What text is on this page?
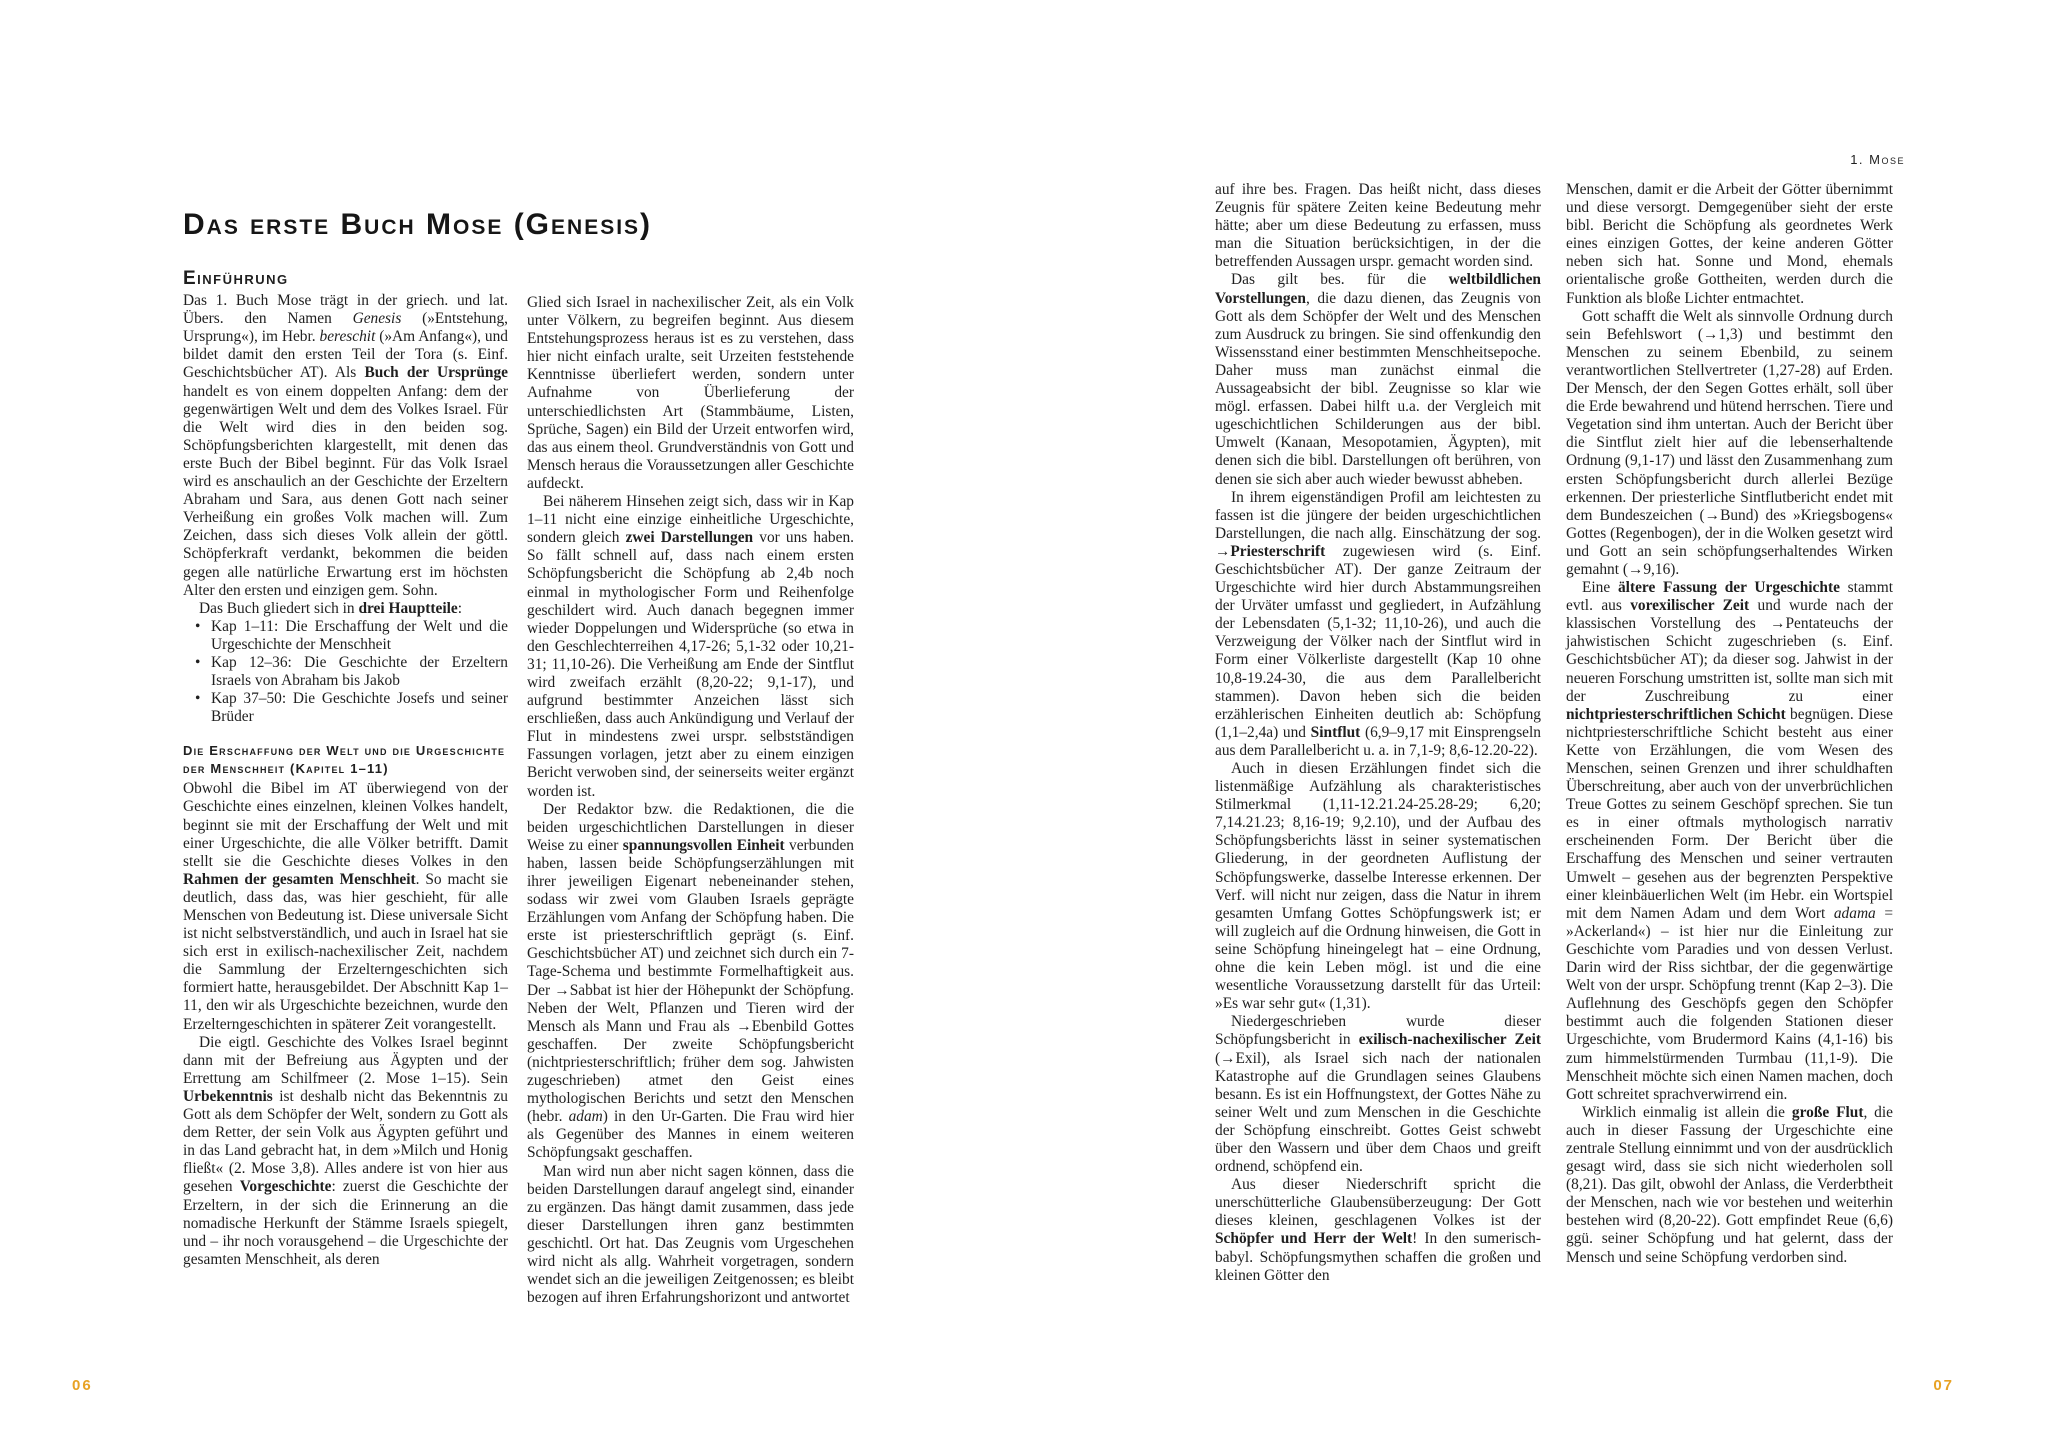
Das erste Buch Mose (Genesis)
Einführung

Das 1. Buch Mose trägt in der griech. und lat. Übers. den Namen Genesis (»Entstehung, Ursprung«), im Hebr. bereschit (»Am Anfang«), und bildet damit den ersten Teil der Tora (s. Einf. Geschichtsbücher AT). Als Buch der Ursprünge handelt es von einem doppelten Anfang: dem der gegenwärtigen Welt und dem des Volkes Israel. Für die Welt wird dies in den beiden sog. Schöpfungsberichten klargestellt, mit denen das erste Buch der Bibel beginnt. Für das Volk Israel wird es anschaulich an der Geschichte der Erzeltern Abraham und Sara, aus denen Gott nach seiner Verheißung ein großes Volk machen will. Zum Zeichen, dass sich dieses Volk allein der göttl. Schöpferkraft verdankt, bekommen die beiden gegen alle natürliche Erwartung erst im höchsten Alter den ersten und einzigen gem. Sohn.

Das Buch gliedert sich in drei Hauptteile:

• Kap 1–11: Die Erschaffung der Welt und die Urgeschichte der Menschheit
• Kap 12–36: Die Geschichte der Erzeltern Israels von Abraham bis Jakob
• Kap 37–50: Die Geschichte Josefs und seiner Brüder
Die Erschaffung der Welt und die Urgeschichte der Menschheit (Kapitel 1–11)

Obwohl die Bibel im AT überwiegend von der Geschichte eines einzelnen, kleinen Volkes handelt, beginnt sie mit der Erschaffung der Welt und mit einer Urgeschichte, die alle Völker betrifft. Damit stellt sie die Geschichte dieses Volkes in den Rahmen der gesamten Menschheit. So macht sie deutlich, dass das, was hier geschieht, für alle Menschen von Bedeutung ist. Diese universale Sicht ist nicht selbstverständlich, und auch in Israel hat sie sich erst in exilisch-nachexilischer Zeit, nachdem die Sammlung der Erzelterngeschichten sich formiert hatte, herausgebildet. Der Abschnitt Kap 1–11, den wir als Urgeschichte bezeichnen, wurde den Erzelterngeschichten in späterer Zeit vorangestellt.

Die eigtl. Geschichte des Volkes Israel beginnt dann mit der Befreiung aus Ägypten und der Errettung am Schilfmeer (2. Mose 1–15). Sein Urbekenntnis ist deshalb nicht das Bekenntnis zu Gott als dem Schöpfer der Welt, sondern zu Gott als dem Retter, der sein Volk aus Ägypten geführt und in das Land gebracht hat, in dem »Milch und Honig fließt« (2. Mose 3,8). Alles andere ist von hier aus gesehen Vorgeschichte: zuerst die Geschichte der Erzeltern, in der sich die Erinnerung an die nomadische Herkunft der Stämme Israels spiegelt, und – ihr noch vorausgehend – die Urgeschichte der gesamten Menschheit, als deren

Glied sich Israel in nachexilischer Zeit, als ein Volk unter Völkern, zu begreifen beginnt. Aus diesem Entstehungsprozess heraus ist es zu verstehen, dass hier nicht einfach uralte, seit Urzeiten feststehende Kenntnisse überliefert werden, sondern unter Aufnahme von Überlieferung der unterschiedlichsten Art (Stammbäume, Listen, Sprüche, Sagen) ein Bild der Urzeit entworfen wird, das aus einem theol. Grundverständnis von Gott und Mensch heraus die Voraussetzungen aller Geschichte aufdeckt.

Bei näherem Hinsehen zeigt sich, dass wir in Kap 1–11 nicht eine einzige einheitliche Urgeschichte, sondern gleich zwei Darstellungen vor uns haben. So fällt schnell auf, dass nach einem ersten Schöpfungsbericht die Schöpfung ab 2,4b noch einmal in mythologischer Form und Reihenfolge geschildert wird. Auch danach begegnen immer wieder Doppelungen und Widersprüche (so etwa in den Geschlechterreihen 4,17-26; 5,1-32 oder 10,21-31; 11,10-26). Die Verheißung am Ende der Sintflut wird zweifach erzählt (8,20-22; 9,1-17), und aufgrund bestimmter Anzeichen lässt sich erschließen, dass auch Ankündigung und Verlauf der Flut in mindestens zwei urspr. selbstständigen Fassungen vorlagen, jetzt aber zu einem einzigen Bericht verwoben sind, der seinerseits weiter ergänzt worden ist.

Der Redaktor bzw. die Redaktionen, die die beiden urgeschichtlichen Darstellungen in dieser Weise zu einer spannungsvollen Einheit verbunden haben, lassen beide Schöpfungserzählungen mit ihrer jeweiligen Eigenart nebeneinander stehen, sodass wir zwei vom Glauben Israels geprägte Erzählungen vom Anfang der Schöpfung haben. Die erste ist priesterschriftlich geprägt (s. Einf. Geschichtsbücher AT) und zeichnet sich durch ein 7-Tage-Schema und bestimmte Formelhaftigkeit aus. Der →Sabbat ist hier der Höhepunkt der Schöpfung. Neben der Welt, Pflanzen und Tieren wird der Mensch als Mann und Frau als →Ebenbild Gottes geschaffen. Der zweite Schöpfungsbericht (nichtpriesterschriftlich; früher dem sog. Jahwisten zugeschrieben) atmet den Geist eines mythologischen Berichts und setzt den Menschen (hebr. adam) in den Ur-Garten. Die Frau wird hier als Gegenüber des Mannes in einem weiteren Schöpfungsakt geschaffen.

Man wird nun aber nicht sagen können, dass die beiden Darstellungen darauf angelegt sind, einander zu ergänzen. Das hängt damit zusammen, dass jede dieser Darstellungen ihren ganz bestimmten geschichtl. Ort hat. Das Zeugnis vom Urgeschehen wird nicht als allg. Wahrheit vorgetragen, sondern wendet sich an die jeweiligen Zeitgenossen; es bleibt bezogen auf ihren Erfahrungshorizont und antwortet

06
1. Mose

auf ihre bes. Fragen. Das heißt nicht, dass dieses Zeugnis für spätere Zeiten keine Bedeutung mehr hätte; aber um diese Bedeutung zu erfassen, muss man die Situation berücksichtigen, in der die betreffenden Aussagen urspr. gemacht worden sind.

Das gilt bes. für die weltbildlichen Vorstellungen, die dazu dienen, das Zeugnis von Gott als dem Schöpfer der Welt und des Menschen zum Ausdruck zu bringen. Sie sind offenkundig den Wissensstand einer bestimmten Menschheitsepoche. Daher muss man zunächst einmal die Aussageabsicht der bibl. Zeugnisse so klar wie mögl. erfassen. Dabei hilft u.a. der Vergleich mit ugeschichtlichen Schilderungen aus der bibl. Umwelt (Kanaan, Mesopotamien, Ägypten), mit denen sich die bibl. Darstellungen oft berühren, von denen sie sich aber auch wieder bewusst abheben.

In ihrem eigenständigen Profil am leichtesten zu fassen ist die jüngere der beiden urgeschichtlichen Darstellungen, die nach allg. Einschätzung der sog. →Priesterschrift zugewiesen wird (s. Einf. Geschichtsbücher AT). Der ganze Zeitraum der Urgeschichte wird hier durch Abstammungsreihen der Urväter umfasst und gegliedert, in Aufzählung der Lebensdaten (5,1-32; 11,10-26), und auch die Verzweigung der Völker nach der Sintflut wird in Form einer Völkerliste dargestellt (Kap 10 ohne 10,8-19.24-30, die aus dem Parallelbericht stammen). Davon heben sich die beiden erzählerischen Einheiten deutlich ab: Schöpfung (1,1–2,4a) und Sintflut (6,9–9,17 mit Einsprengseln aus dem Parallelbericht u. a. in 7,1-9; 8,6-12.20-22).

Auch in diesen Erzählungen findet sich die listenmäßige Aufzählung als charakteristisches Stilmerkmal (1,11-12.21.24-25.28-29; 6,20; 7,14.21.23; 8,16-19; 9,2.10), und der Aufbau des Schöpfungsberichts lässt in seiner systematischen Gliederung, in der geordneten Auflistung der Schöpfungswerke, dasselbe Interesse erkennen. Der Verf. will nicht nur zeigen, dass die Natur in ihrem gesamten Umfang Gottes Schöpfungswerk ist; er will zugleich auf die Ordnung hinweisen, die Gott in seine Schöpfung hineingelegt hat – eine Ordnung, ohne die kein Leben mögl. ist und die eine wesentliche Voraussetzung darstellt für das Urteil: »Es war sehr gut« (1,31).

Niedergeschrieben wurde dieser Schöpfungsbericht in exilisch-nachexilischer Zeit (→Exil), als Israel sich nach der nationalen Katastrophe auf die Grundlagen seines Glaubens besann. Es ist ein Hoffnungstext, der Gottes Nähe zu seiner Welt und zum Menschen in die Geschichte der Schöpfung einschreibt. Gottes Geist schwebt über den Wassern und über dem Chaos und greift ordnend, schöpfend ein.

Aus dieser Niederschrift spricht die unerschütterliche Glaubensüberzeugung: Der Gott dieses kleinen, geschlagenen Volkes ist der Schöpfer und Herr der Welt! In den sumerisch-babyl. Schöpfungsmythen schaffen die großen und kleinen Götter den

Menschen, damit er die Arbeit der Götter übernimmt und diese versorgt. Demgegenüber sieht der erste bibl. Bericht die Schöpfung als geordnetes Werk eines einzigen Gottes, der keine anderen Götter neben sich hat. Sonne und Mond, ehemals orientalische große Gottheiten, werden durch die Funktion als bloße Lichter entmachtet.

Gott schafft die Welt als sinnvolle Ordnung durch sein Befehlswort (→1,3) und bestimmt den Menschen zu seinem Ebenbild, zu seinem verantwortlichen Stellvertreter (1,27-28) auf Erden. Der Mensch, der den Segen Gottes erhält, soll über die Erde bewahrend und hütend herrschen. Tiere und Vegetation sind ihm untertan. Auch der Bericht über die Sintflut zielt hier auf die lebenserhaltende Ordnung (9,1-17) und lässt den Zusammenhang zum ersten Schöpfungsbericht durch allerlei Bezüge erkennen. Der priesterliche Sintflutbericht endet mit dem Bundeszeichen (→Bund) des »Kriegsbogens« Gottes (Regenbogen), der in die Wolken gesetzt wird und Gott an sein schöpfungserhaltendes Wirken gemahnt (→9,16).

Eine ältere Fassung der Urgeschichte stammt evtl. aus vorexilischer Zeit und wurde nach der klassischen Vorstellung des →Pentateuchs der jahwistischen Schicht zugeschrieben (s. Einf. Geschichtsbücher AT); da dieser sog. Jahwist in der neueren Forschung umstritten ist, sollte man sich mit der Zuschreibung zu einer nichtpriesterschriftlichen Schicht begnügen. Diese nichtpriesterschriftliche Schicht besteht aus einer Kette von Erzählungen, die vom Wesen des Menschen, seinen Grenzen und ihrer schuldhaften Überschreitung, aber auch von der unverbrüchlichen Treue Gottes zu seinem Geschöpf sprechen. Sie tun es in einer oftmals mythologisch narrativ erscheinenden Form. Der Bericht über die Erschaffung des Menschen und seiner vertrauten Umwelt – gesehen aus der begrenzten Perspektive einer kleinbäuerlichen Welt (im Hebr. ein Wortspiel mit dem Namen Adam und dem Wort adama = »Ackerland«) – ist hier nur die Einleitung zur Geschichte vom Paradies und von dessen Verlust. Darin wird der Riss sichtbar, der die gegenwärtige Welt von der urspr. Schöpfung trennt (Kap 2–3). Die Auflehnung des Geschöpfs gegen den Schöpfer bestimmt auch die folgenden Stationen dieser Urgeschichte, vom Brudermord Kains (4,1-16) bis zum himmelstürmenden Turmbau (11,1-9). Die Menschheit möchte sich einen Namen machen, doch Gott schreitet sprachverwirrend ein.

Wirklich einmalig ist allein die große Flut, die auch in dieser Fassung der Urgeschichte eine zentrale Stellung einnimmt und von der ausdrücklich gesagt wird, dass sie sich nicht wiederholen soll (8,21). Das gilt, obwohl der Anlass, die Verderbtheit der Menschen, nach wie vor bestehen und weiterhin bestehen wird (8,20-22). Gott empfindet Reue (6,6) ggü. seiner Schöpfung und hat gelernt, dass der Mensch und seine Schöpfung verdorben sind.

07
